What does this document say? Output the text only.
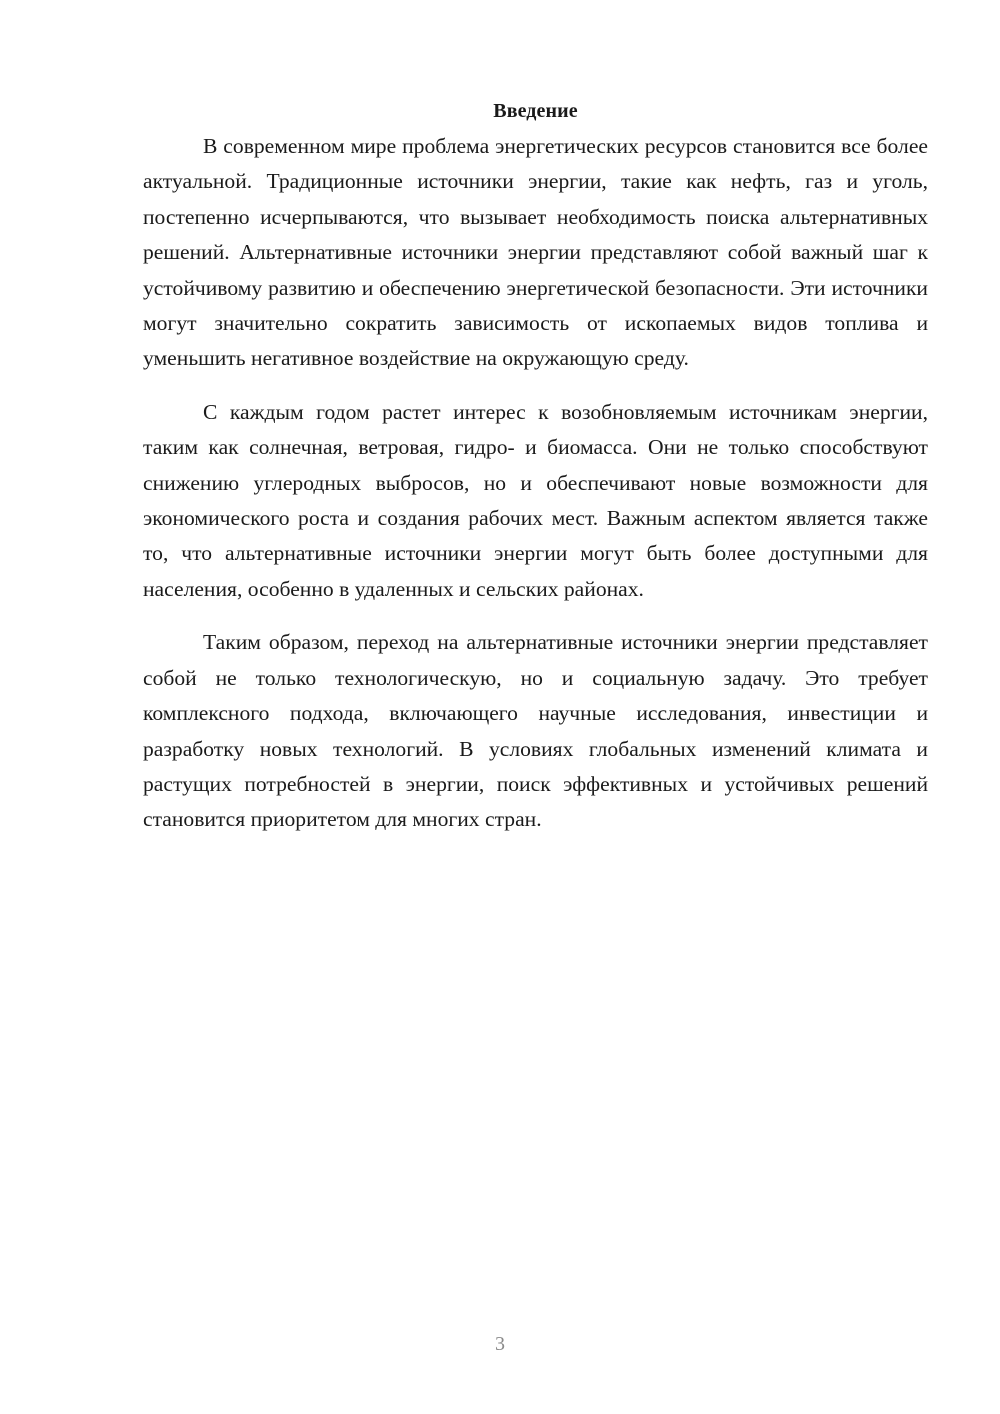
Введение

В современном мире проблема энергетических ресурсов становится все более актуальной. Традиционные источники энергии, такие как нефть, газ и уголь, постепенно исчерпываются, что вызывает необходимость поиска альтернативных решений. Альтернативные источники энергии представляют собой важный шаг к устойчивому развитию и обеспечению энергетической безопасности. Эти источники могут значительно сократить зависимость от ископаемых видов топлива и уменьшить негативное воздействие на окружающую среду.

С каждым годом растет интерес к возобновляемым источникам энергии, таким как солнечная, ветровая, гидро- и биомасса. Они не только способствуют снижению углеродных выбросов, но и обеспечивают новые возможности для экономического роста и создания рабочих мест. Важным аспектом является также то, что альтернативные источники энергии могут быть более доступными для населения, особенно в удаленных и сельских районах.

Таким образом, переход на альтернативные источники энергии представляет собой не только технологическую, но и социальную задачу. Это требует комплексного подхода, включающего научные исследования, инвестиции и разработку новых технологий. В условиях глобальных изменений климата и растущих потребностей в энергии, поиск эффективных и устойчивых решений становится приоритетом для многих стран.

3
